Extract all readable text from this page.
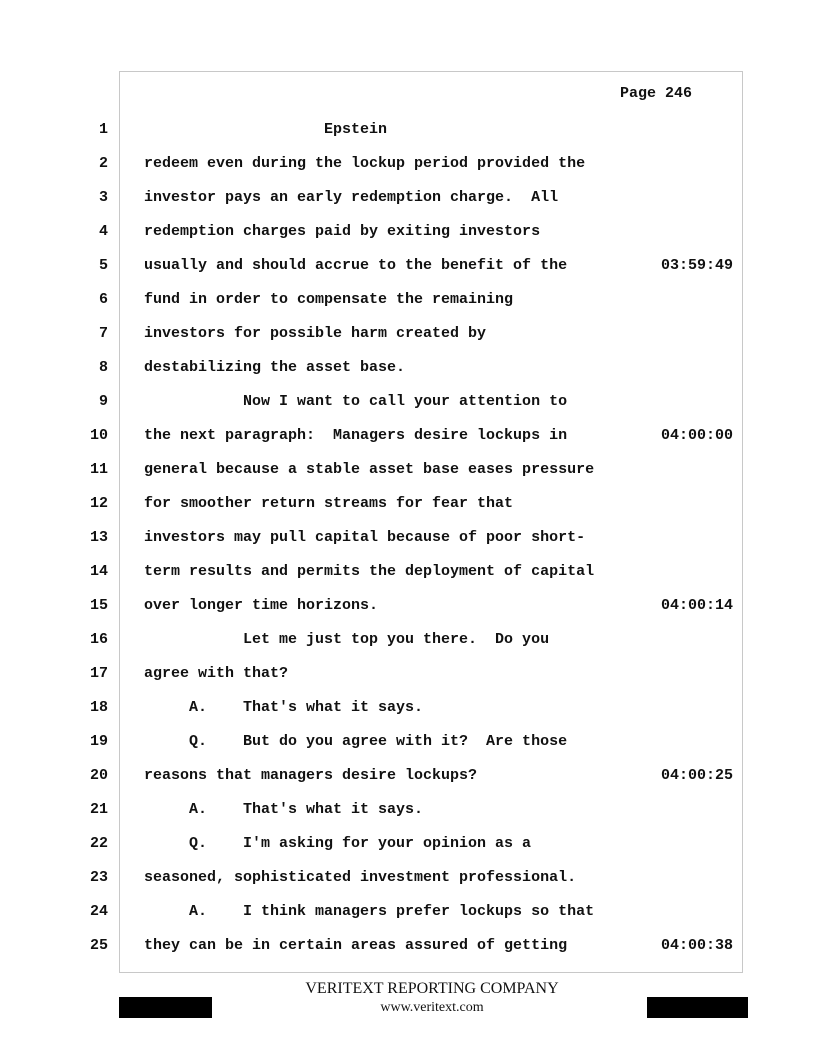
Page 246
1 Epstein
2 redeem even during the lockup period provided the
3 investor pays an early redemption charge.  All
4 redemption charges paid by exiting investors
5 usually and should accrue to the benefit of the	03:59:49
6 fund in order to compensate the remaining
7 investors for possible harm created by
8 destabilizing the asset base.
9 Now I want to call your attention to
10 the next paragraph:  Managers desire lockups in	04:00:00
11 general because a stable asset base eases pressure
12 for smoother return streams for fear that
13 investors may pull capital because of poor short-
14 term results and permits the deployment of capital
15 over longer time horizons.	04:00:14
16 Let me just top you there.  Do you
17 agree with that?
18 A.    That's what it says.
19 Q.    But do you agree with it?  Are those
20 reasons that managers desire lockups?	04:00:25
21 A.    That's what it says.
22 Q.    I'm asking for your opinion as a
23 seasoned, sophisticated investment professional.
24 A.    I think managers prefer lockups so that
25 they can be in certain areas assured of getting	04:00:38
VERITEXT REPORTING COMPANY
www.veritext.com
